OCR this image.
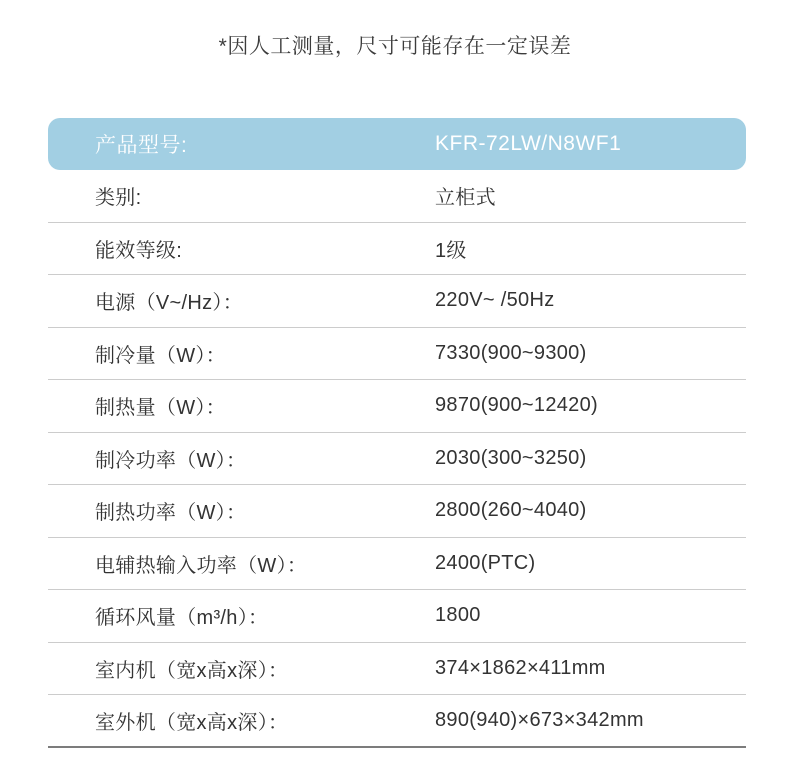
*因人工测量，尺寸可能存在一定误差

产品型号:	KFR-72LW/N8WF1
类别:	立柜式
能效等级:	1级
电源（V~/Hz）：	220V~ /50Hz
制冷量（W）：	7330(900~9300)
制热量（W）：	9870(900~12420)
制冷功率（W）：	2030(300~3250)
制热功率（W）：	2800(260~4040)
电辅热输入功率（W）：	2400(PTC)
循环风量（m³/h）：	1800
室内机（宽x高x深）：	374×1862×411mm
室外机（宽x高x深）：	890(940)×673×342mm
